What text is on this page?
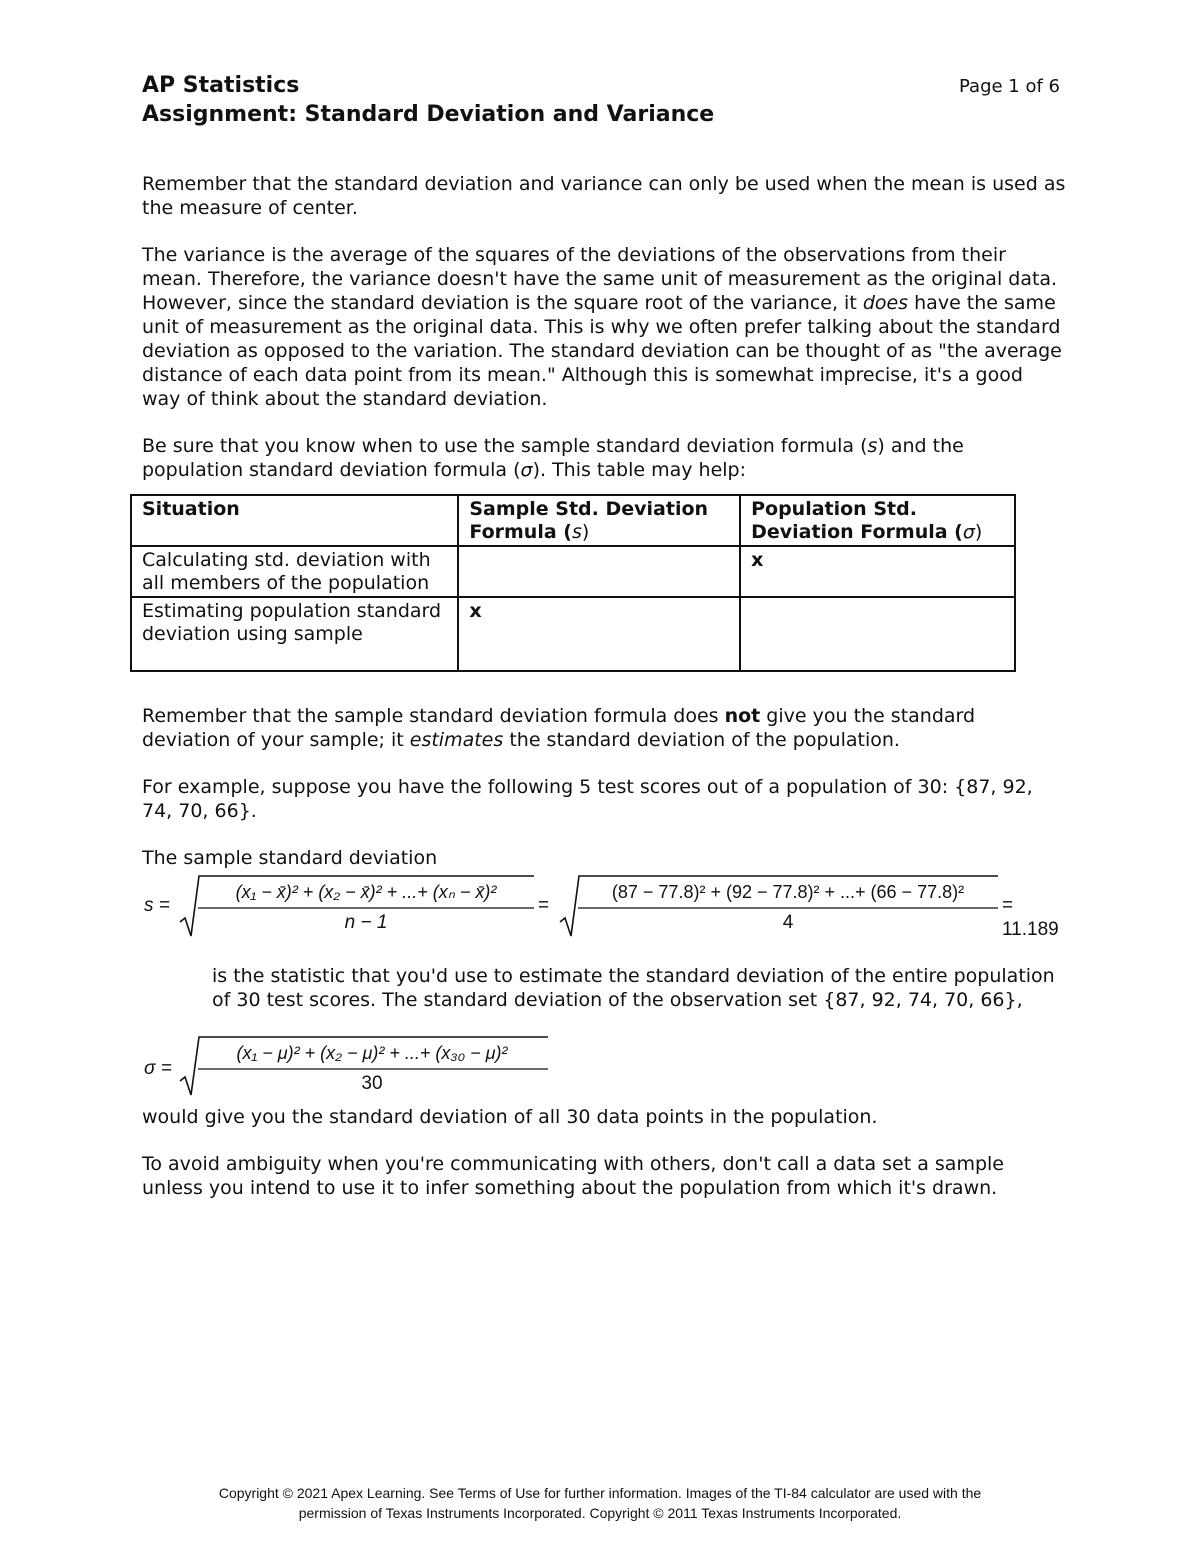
AP Statistics
Assignment: Standard Deviation and Variance
Page 1 of 6

Remember that the standard deviation and variance can only be used when the mean is used as the measure of center.

The variance is the average of the squares of the deviations of the observations from their mean. Therefore, the variance doesn't have the same unit of measurement as the original data. However, since the standard deviation is the square root of the variance, it does have the same unit of measurement as the original data. This is why we often prefer talking about the standard deviation as opposed to the variation. The standard deviation can be thought of as "the average distance of each data point from its mean." Although this is somewhat imprecise, it's a good way of think about the standard deviation.

Be sure that you know when to use the sample standard deviation formula (s) and the population standard deviation formula (σ). This table may help:

Situation	Sample Std. Deviation Formula (s)	Population Std. Deviation Formula (σ)
Calculating std. deviation with all members of the population		x
Estimating population standard deviation using sample	x	

Remember that the sample standard deviation formula does not give you the standard deviation of your sample; it estimates the standard deviation of the population.

For example, suppose you have the following 5 test scores out of a population of 30: {87, 92, 74, 70, 66}.

The sample standard deviation

s =
(x₁ − x̄)² + (x₂ − x̄)² + ...+ (xₙ − x̄)²
n − 1
=
(87 − 77.8)² + (92 − 77.8)² + ...+ (66 − 77.8)²
4
= 11.189

is the statistic that you'd use to estimate the standard deviation of the entire population of 30 test scores. The standard deviation of the observation set {87, 92, 74, 70, 66},

σ =
(x₁ − μ)² + (x₂ − μ)² + ...+ (x₃₀ − μ)²
30

would give you the standard deviation of all 30 data points in the population.

To avoid ambiguity when you're communicating with others, don't call a data set a sample unless you intend to use it to infer something about the population from which it's drawn.

Copyright © 2021 Apex Learning. See Terms of Use for further information. Images of the TI-84 calculator are used with the
permission of Texas Instruments Incorporated. Copyright © 2011 Texas Instruments Incorporated.
